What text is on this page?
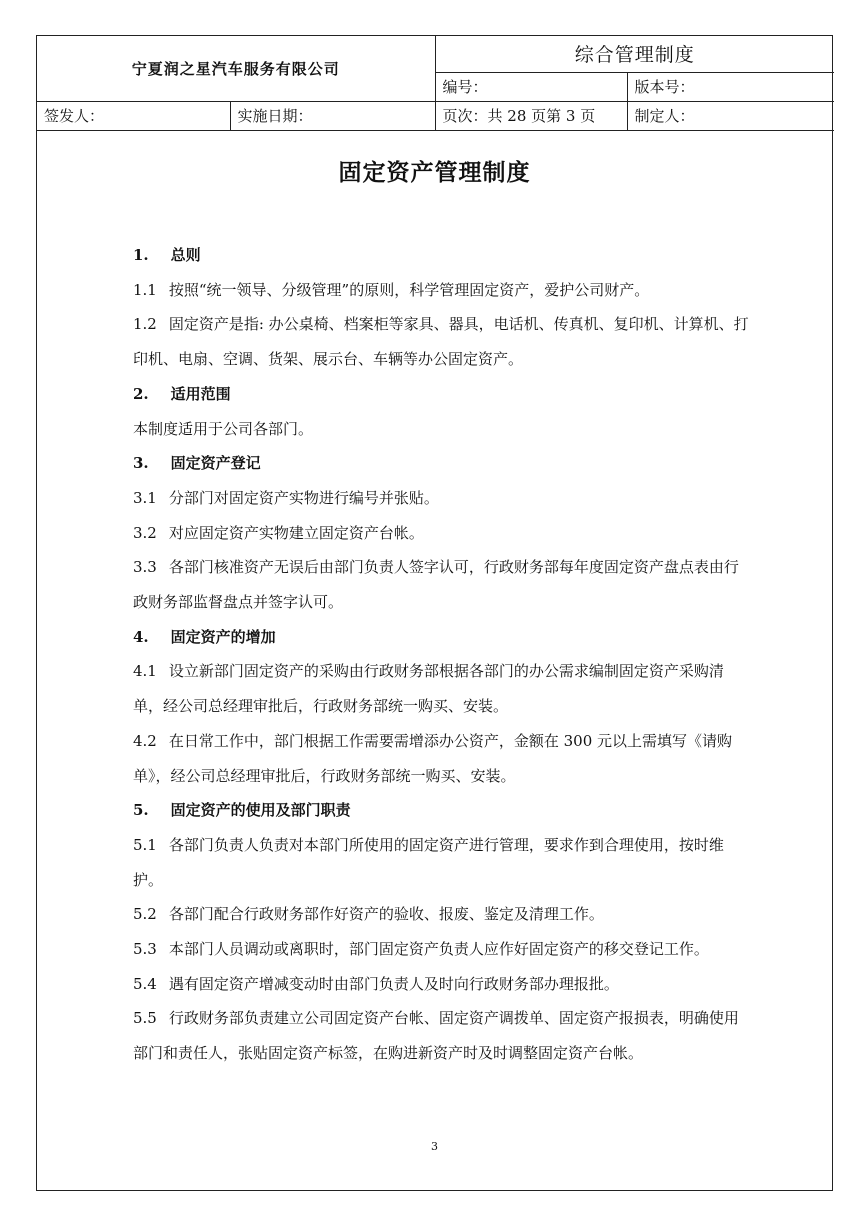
宁夏润之星汽车服务有限公司		综合管理制度	
		编号：	版本号：
签发人：	实施日期：	页次：共 28 页第 3 页	制定人：
固定资产管理制度

1. 总则

1.1 按照“统一领导、分级管理”的原则，科学管理固定资产，爱护公司财产。

1.2 固定资产是指: 办公桌椅、档案柜等家具、器具，电话机、传真机、复印机、计算机、打印机、电扇、空调、货架、展示台、车辆等办公固定资产。

2. 适用范围

本制度适用于公司各部门。

3. 固定资产登记

3.1 分部门对固定资产实物进行编号并张贴。

3.2 对应固定资产实物建立固定资产台帐。

3.3 各部门核准资产无误后由部门负责人签字认可，行政财务部每年度固定资产盘点表由行政财务部监督盘点并签字认可。

4. 固定资产的增加

4.1 设立新部门固定资产的采购由行政财务部根据各部门的办公需求编制固定资产采购清单，经公司总经理审批后，行政财务部统一购买、安装。

4.2 在日常工作中，部门根据工作需要需增添办公资产，金额在 300 元以上需填写《请购单》，经公司总经理审批后，行政财务部统一购买、安装。

5. 固定资产的使用及部门职责

5.1 各部门负责人负责对本部门所使用的固定资产进行管理，要求作到合理使用，按时维护。

5.2 各部门配合行政财务部作好资产的验收、报废、鉴定及清理工作。

5.3 本部门人员调动或离职时，部门固定资产负责人应作好固定资产的移交登记工作。

5.4 遇有固定资产增减变动时由部门负责人及时向行政财务部办理报批。

5.5 行政财务部负责建立公司固定资产台帐、固定资产调拨单、固定资产报损表，明确使用部门和责任人，张贴固定资产标签，在购进新资产时及时调整固定资产台帐。

3
